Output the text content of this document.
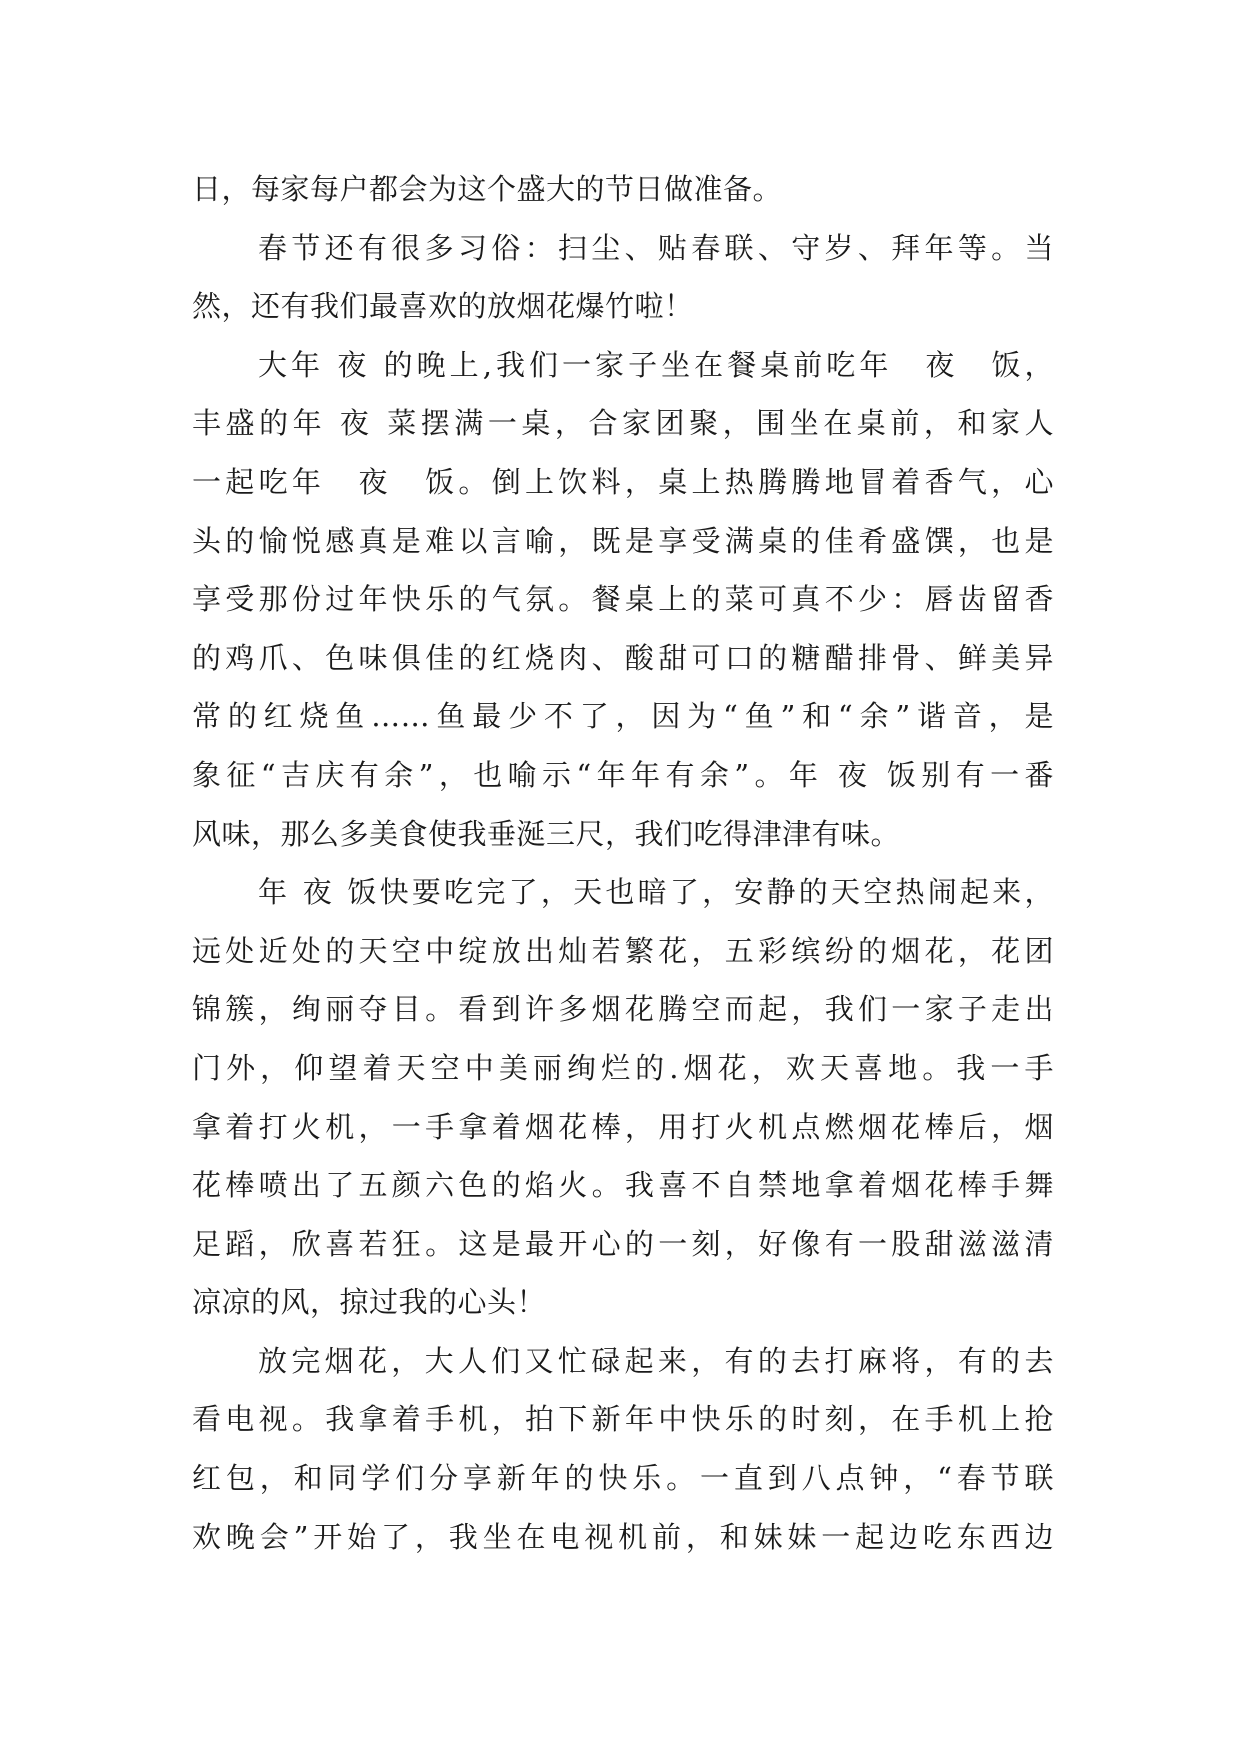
日，每家每户都会为这个盛大的节日做准备。
春节还有很多习俗：扫尘、贴春联、守岁、拜年等。当
然，还有我们最喜欢的放烟花爆竹啦！
大年 夜 的晚上,我们一家子坐在餐桌前吃年　夜　饭，
丰盛的年 夜 菜摆满一桌，合家团聚，围坐在桌前，和家人
一起吃年　夜　饭。倒上饮料，桌上热腾腾地冒着香气，心
头的愉悦感真是难以言喻，既是享受满桌的佳肴盛馔，也是
享受那份过年快乐的气氛。餐桌上的菜可真不少：唇齿留香
的鸡爪、色味俱佳的红烧肉、酸甜可口的糖醋排骨、鲜美异
常的红烧鱼……鱼最少不了，因为“鱼”和“余”谐音，是
象征“吉庆有余”，也喻示“年年有余”。年 夜 饭别有一番
风味，那么多美食使我垂涎三尺，我们吃得津津有味。
年 夜 饭快要吃完了，天也暗了，安静的天空热闹起来，
远处近处的天空中绽放出灿若繁花，五彩缤纷的烟花，花团
锦簇，绚丽夺目。看到许多烟花腾空而起，我们一家子走出
门外，仰望着天空中美丽绚烂的.烟花，欢天喜地。我一手
拿着打火机，一手拿着烟花棒，用打火机点燃烟花棒后，烟
花棒喷出了五颜六色的焰火。我喜不自禁地拿着烟花棒手舞
足蹈，欣喜若狂。这是最开心的一刻，好像有一股甜滋滋清
凉凉的风，掠过我的心头！
放完烟花，大人们又忙碌起来，有的去打麻将，有的去
看电视。我拿着手机，拍下新年中快乐的时刻，在手机上抢
红包，和同学们分享新年的快乐。一直到八点钟，“春节联
欢晚会”开始了，我坐在电视机前，和妹妹一起边吃东西边
